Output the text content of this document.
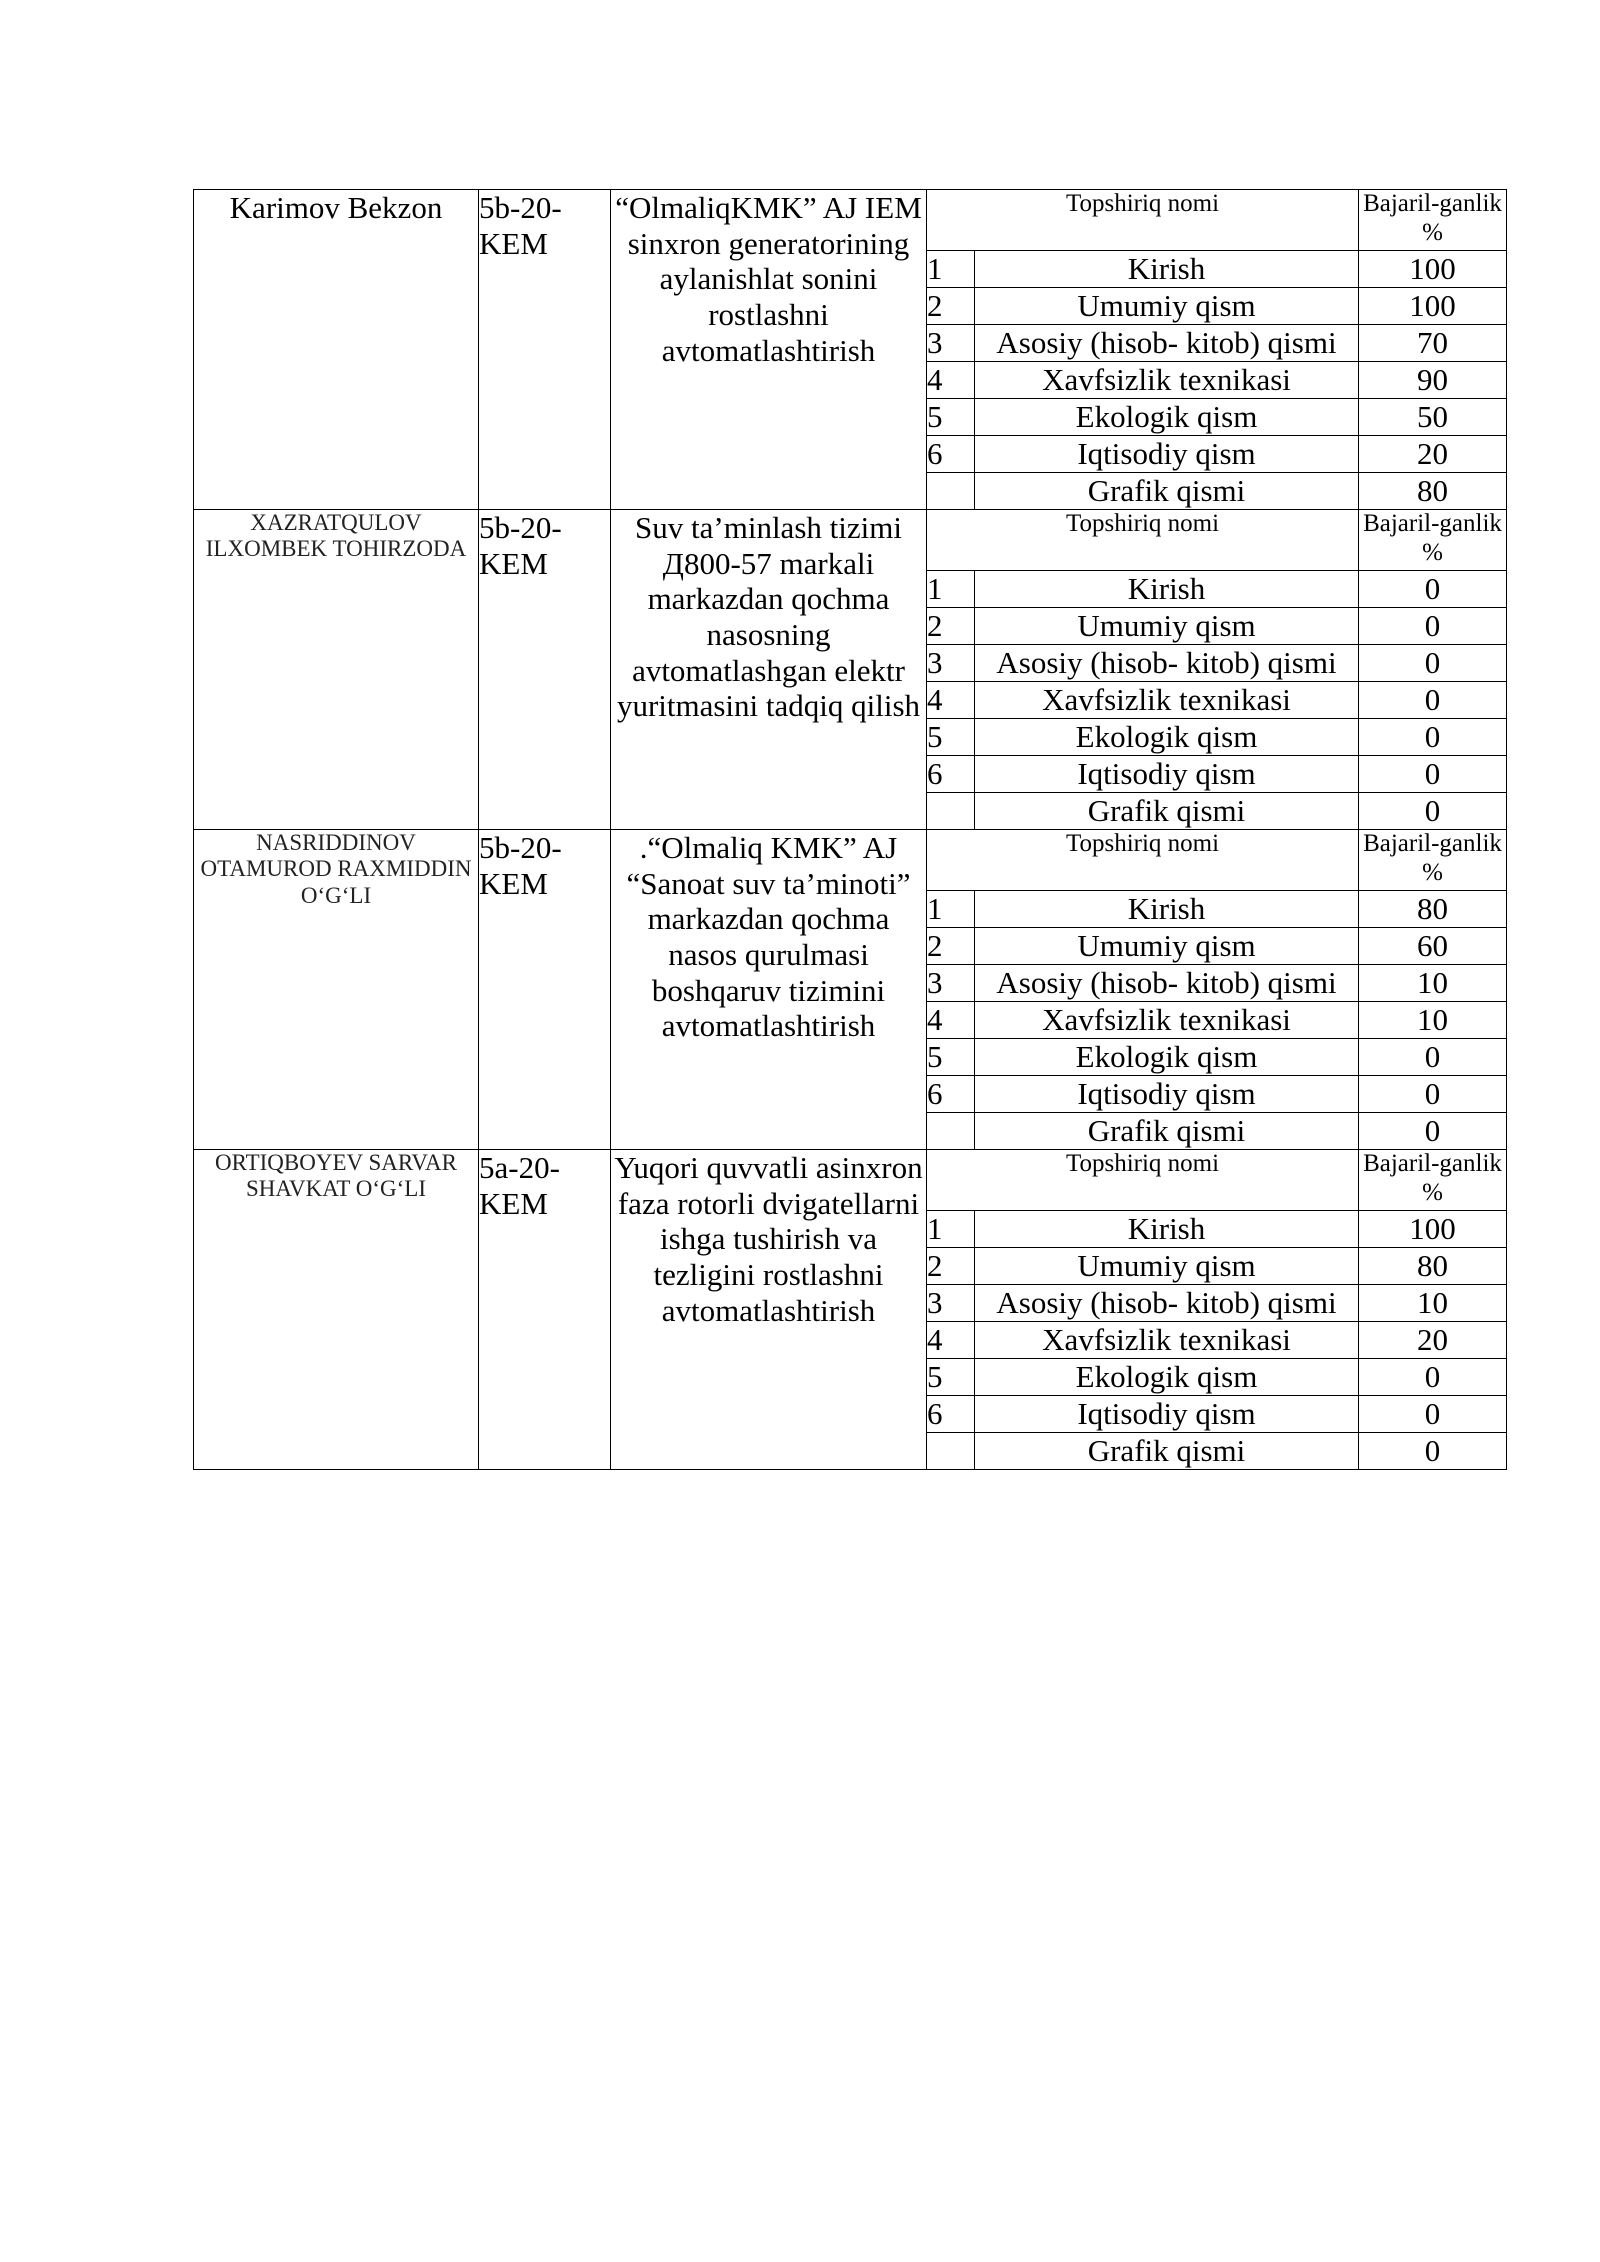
Karimov Bekzon	5b-20-KEM	“OlmaliqKMK” AJ IEM sinxron generatorining aylanishlat sonini rostlashni avtomatlashtirish	Topshiriq nomi		Bajaril-ganlik %
			1	Kirish	100
			2	Umumiy qism	100
			3	Asosiy (hisob- kitob) qismi	70
			4	Xavfsizlik texnikasi	90
			5	Ekologik qism	50
			6	Iqtisodiy qism	20
				Grafik qismi	80
XAZRATQULOV ILXOMBEK TOHIRZODA	5b-20-KEM	Suv ta’minlash tizimi Д800-57 markali markazdan qochma nasosning avtomatlashgan elektr yuritmasini tadqiq qilish	Topshiriq nomi		Bajaril-ganlik %
			1	Kirish	0
			2	Umumiy qism	0
			3	Asosiy (hisob- kitob) qismi	0
			4	Xavfsizlik texnikasi	0
			5	Ekologik qism	0
			6	Iqtisodiy qism	0
				Grafik qismi	0
NASRIDDINOV OTAMUROD RAXMIDDIN O‘G‘LI	5b-20-KEM	.“Olmaliq KMK” AJ “Sanoat suv ta’minoti” markazdan qochma nasos qurulmasi boshqaruv tizimini avtomatlashtirish	Topshiriq nomi		Bajaril-ganlik %
			1	Kirish	80
			2	Umumiy qism	60
			3	Asosiy (hisob- kitob) qismi	10
			4	Xavfsizlik texnikasi	10
			5	Ekologik qism	0
			6	Iqtisodiy qism	0
				Grafik qismi	0
ORTIQBOYEV SARVAR SHAVKAT O‘G‘LI	5a-20-KEM	Yuqori quvvatli asinxron faza rotorli dvigatellarni ishga tushirish va tezligini rostlashni avtomatlashtirish	Topshiriq nomi		Bajaril-ganlik %
			1	Kirish	100
			2	Umumiy qism	80
			3	Asosiy (hisob- kitob) qismi	10
			4	Xavfsizlik texnikasi	20
			5	Ekologik qism	0
			6	Iqtisodiy qism	0
				Grafik qismi	0
